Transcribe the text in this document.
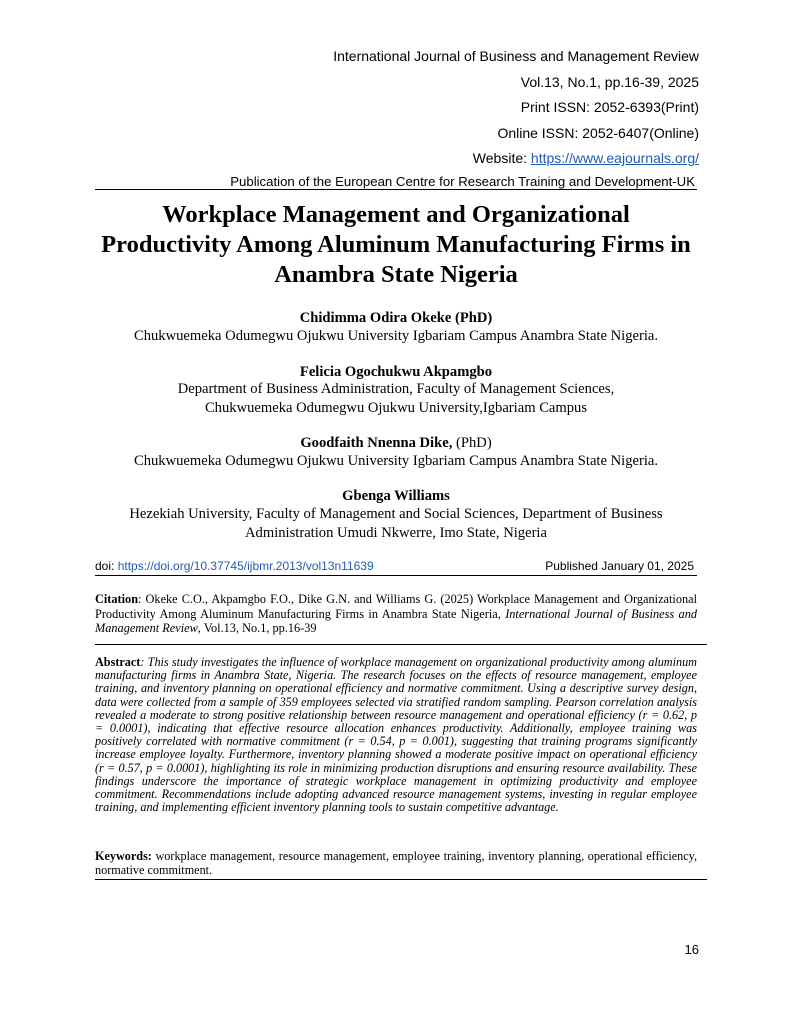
International Journal of Business and Management Review
Vol.13, No.1, pp.16-39, 2025
Print ISSN: 2052-6393(Print)
Online ISSN: 2052-6407(Online)
Website: https://www.eajournals.org/
Publication of the European Centre for Research Training and Development-UK
Workplace Management and Organizational Productivity Among Aluminum Manufacturing Firms in Anambra State Nigeria
Chidimma Odira Okeke (PhD)
Chukwuemeka Odumegwu Ojukwu University Igbariam Campus Anambra State Nigeria.
Felicia Ogochukwu Akpamgbo
Department of Business Administration, Faculty of Management Sciences,
Chukwuemeka Odumegwu Ojukwu University,Igbariam Campus
Goodfaith Nnenna Dike, (PhD)
Chukwuemeka Odumegwu Ojukwu University Igbariam Campus Anambra State Nigeria.
Gbenga Williams
Hezekiah University, Faculty of Management and Social Sciences, Department of Business
Administration Umudi Nkwerre, Imo State, Nigeria
doi: https://doi.org/10.37745/ijbmr.2013/vol13n11639	Published January 01, 2025
Citation: Okeke C.O., Akpamgbo F.O., Dike G.N. and Williams G. (2025) Workplace Management and Organizational Productivity Among Aluminum Manufacturing Firms in Anambra State Nigeria, International Journal of Business and Management Review, Vol.13, No.1, pp.16-39
Abstract: This study investigates the influence of workplace management on organizational productivity among aluminum manufacturing firms in Anambra State, Nigeria. The research focuses on the effects of resource management, employee training, and inventory planning on operational efficiency and normative commitment. Using a descriptive survey design, data were collected from a sample of 359 employees selected via stratified random sampling. Pearson correlation analysis revealed a moderate to strong positive relationship between resource management and operational efficiency (r = 0.62, p = 0.0001), indicating that effective resource allocation enhances productivity. Additionally, employee training was positively correlated with normative commitment (r = 0.54, p = 0.001), suggesting that training programs significantly increase employee loyalty. Furthermore, inventory planning showed a moderate positive impact on operational efficiency (r = 0.57, p = 0.0001), highlighting its role in minimizing production disruptions and ensuring resource availability. These findings underscore the importance of strategic workplace management in optimizing productivity and employee commitment. Recommendations include adopting advanced resource management systems, investing in regular employee training, and implementing efficient inventory planning tools to sustain competitive advantage.
Keywords: workplace management, resource management, employee training, inventory planning, operational efficiency, normative commitment.
16
